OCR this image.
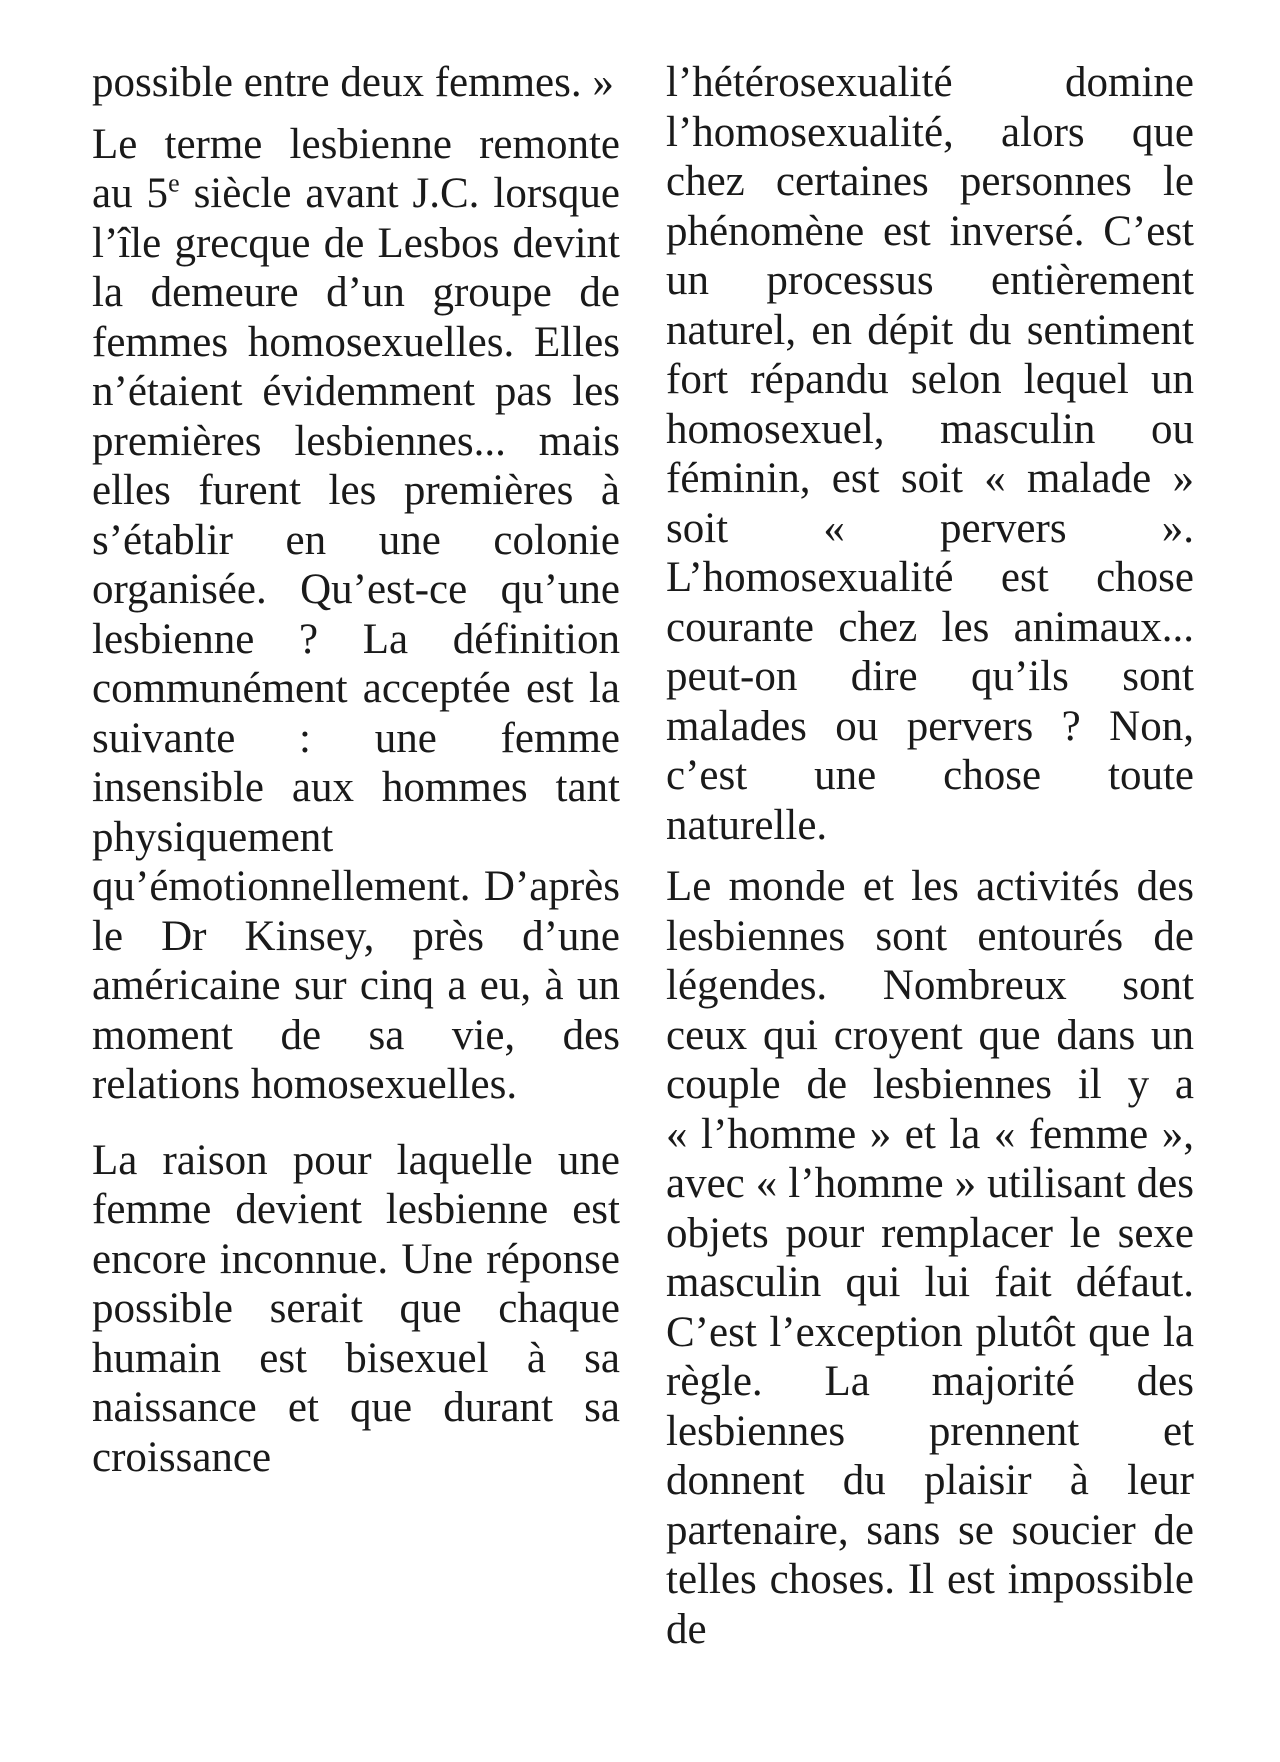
possible entre deux femmes. »

Le terme lesbienne remonte au 5e siècle avant J.C. lorsque l’île grecque de Lesbos devint la demeure d’un groupe de femmes homosexuelles. Elles n’étaient évidemment pas les premières lesbiennes... mais elles furent les premières à s’établir en une colonie organisée. Qu’est-ce qu’une lesbienne ? La définition communément acceptée est la suivante : une femme insensible aux hommes tant physiquement qu’émotionnellement. D’après le Dr Kinsey, près d’une américaine sur cinq a eu, à un moment de sa vie, des relations homosexuelles.

La raison pour laquelle une femme devient lesbienne est encore inconnue. Une réponse possible serait que chaque humain est bisexuel à sa naissance et que durant sa croissance

l’hétérosexualité domine l’homosexualité, alors que chez certaines personnes le phénomène est inversé. C’est un processus entièrement naturel, en dépit du sentiment fort répandu selon lequel un homosexuel, masculin ou féminin, est soit « malade » soit « pervers ». L’homosexualité est chose courante chez les animaux... peut-on dire qu’ils sont malades ou pervers ? Non, c’est une chose toute naturelle.

Le monde et les activités des lesbiennes sont entourés de légendes. Nombreux sont ceux qui croyent que dans un couple de lesbiennes il y a « l’homme » et la « femme », avec « l’homme » utilisant des objets pour remplacer le sexe masculin qui lui fait défaut. C’est l’exception plutôt que la règle. La majorité des lesbiennes prennent et donnent du plaisir à leur partenaire, sans se soucier de telles choses. Il est impossible de
